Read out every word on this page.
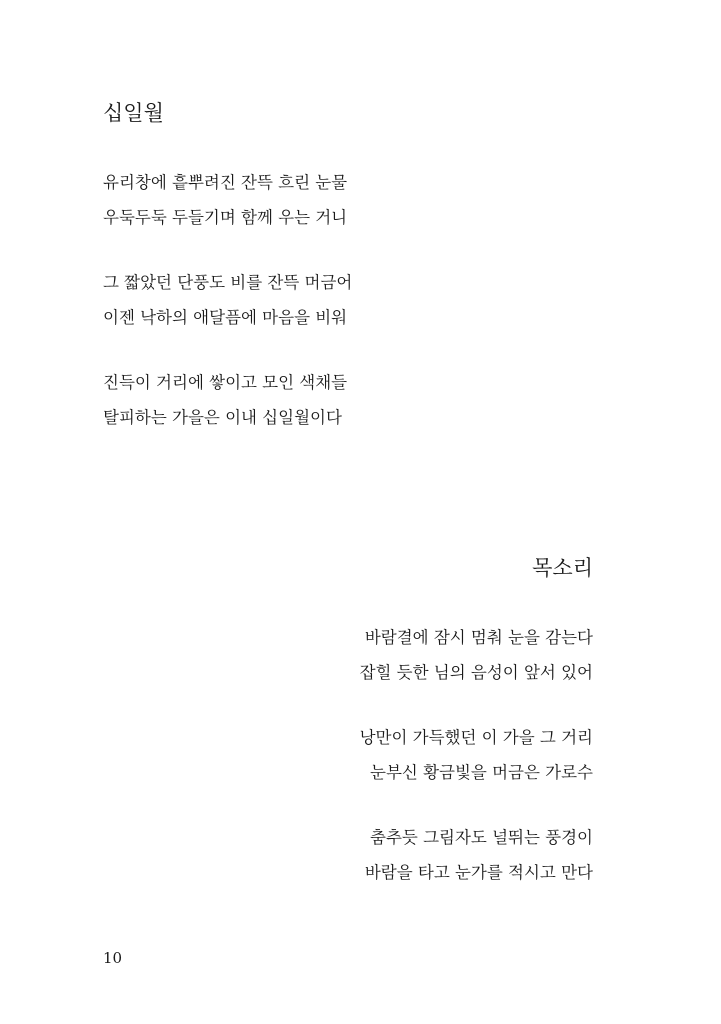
십일월
유리창에 흩뿌려진 잔뜩 흐린 눈물
우둑두둑 두들기며 함께 우는 거니
그 짧았던 단풍도 비를 잔뜩 머금어
이젠 낙하의 애달픔에 마음을 비워
진득이 거리에 쌓이고 모인 색채들
탈피하는 가을은 이내 십일월이다
목소리
바람결에 잠시 멈춰 눈을 감는다
잡힐 듯한 님의 음성이 앞서 있어
낭만이 가득했던 이 가을 그 거리
눈부신 황금빛을 머금은 가로수
춤추듯 그림자도 널뛰는 풍경이
바람을 타고 눈가를 적시고 만다
10
